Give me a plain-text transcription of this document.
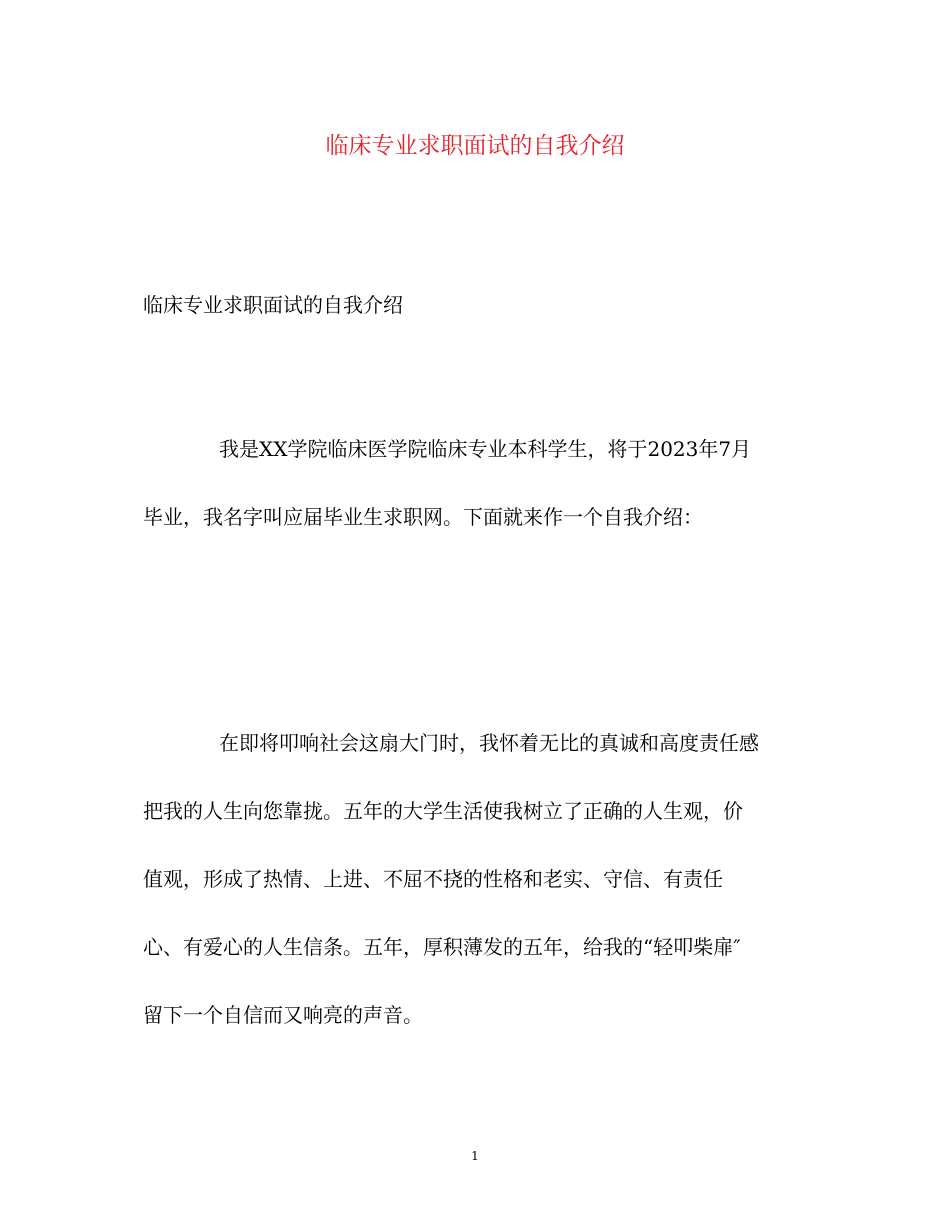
临床专业求职面试的自我介绍

临床专业求职面试的自我介绍

我是XX学院临床医学院临床专业本科学生，将于2023年7月
毕业，我名字叫应届毕业生求职网。下面就来作一个自我介绍：
在即将叩响社会这扇大门时，我怀着无比的真诚和高度责任感
把我的人生向您靠拢。五年的大学生活使我树立了正确的人生观，价
值观，形成了热情、上进、不屈不挠的性格和老实、守信、有责任
心、有爱心的人生信条。五年，厚积薄发的五年，给我的“轻叩柴扉″
留下一个自信而又响亮的声音。
1
